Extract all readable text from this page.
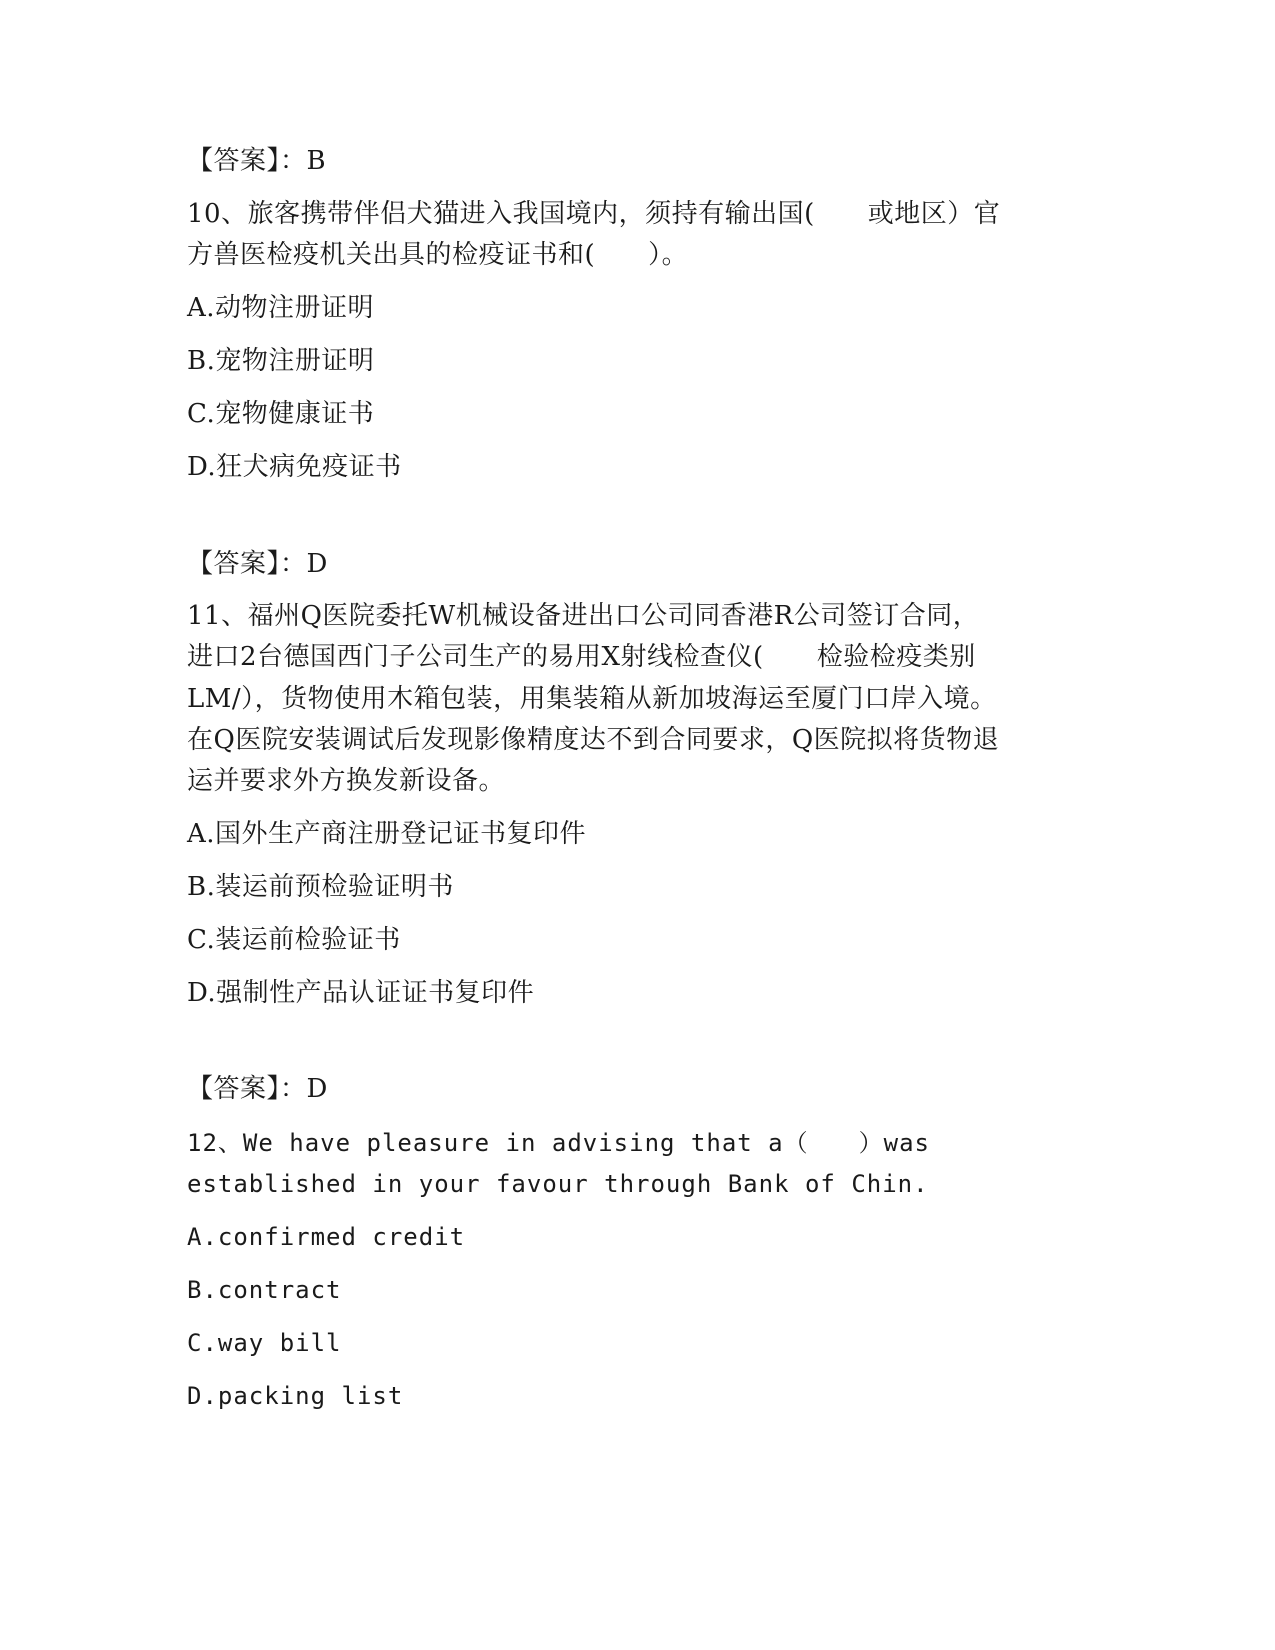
【答案】：B
10、旅客携带伴侣犬猫进入我国境内，须持有输出国(　　或地区）官
方兽医检疫机关出具的检疫证书和(　　）。
A.动物注册证明
B.宠物注册证明
C.宠物健康证书
D.狂犬病免疫证书
【答案】：D
11、福州Q医院委托W机械设备进出口公司同香港R公司签订合同，
进口2台德国西门子公司生产的易用X射线检查仪(　　检验检疫类别
LM/），货物使用木箱包装，用集装箱从新加坡海运至厦门口岸入境。
在Q医院安装调试后发现影像精度达不到合同要求，Q医院拟将货物退
运并要求外方换发新设备。
A.国外生产商注册登记证书复印件
B.装运前预检验证明书
C.装运前检验证书
D.强制性产品认证证书复印件
【答案】：D
12、We have pleasure in advising that a（　　）was
established in your favour through Bank of Chin.
A.confirmed credit
B.contract
C.way bill
D.packing list
